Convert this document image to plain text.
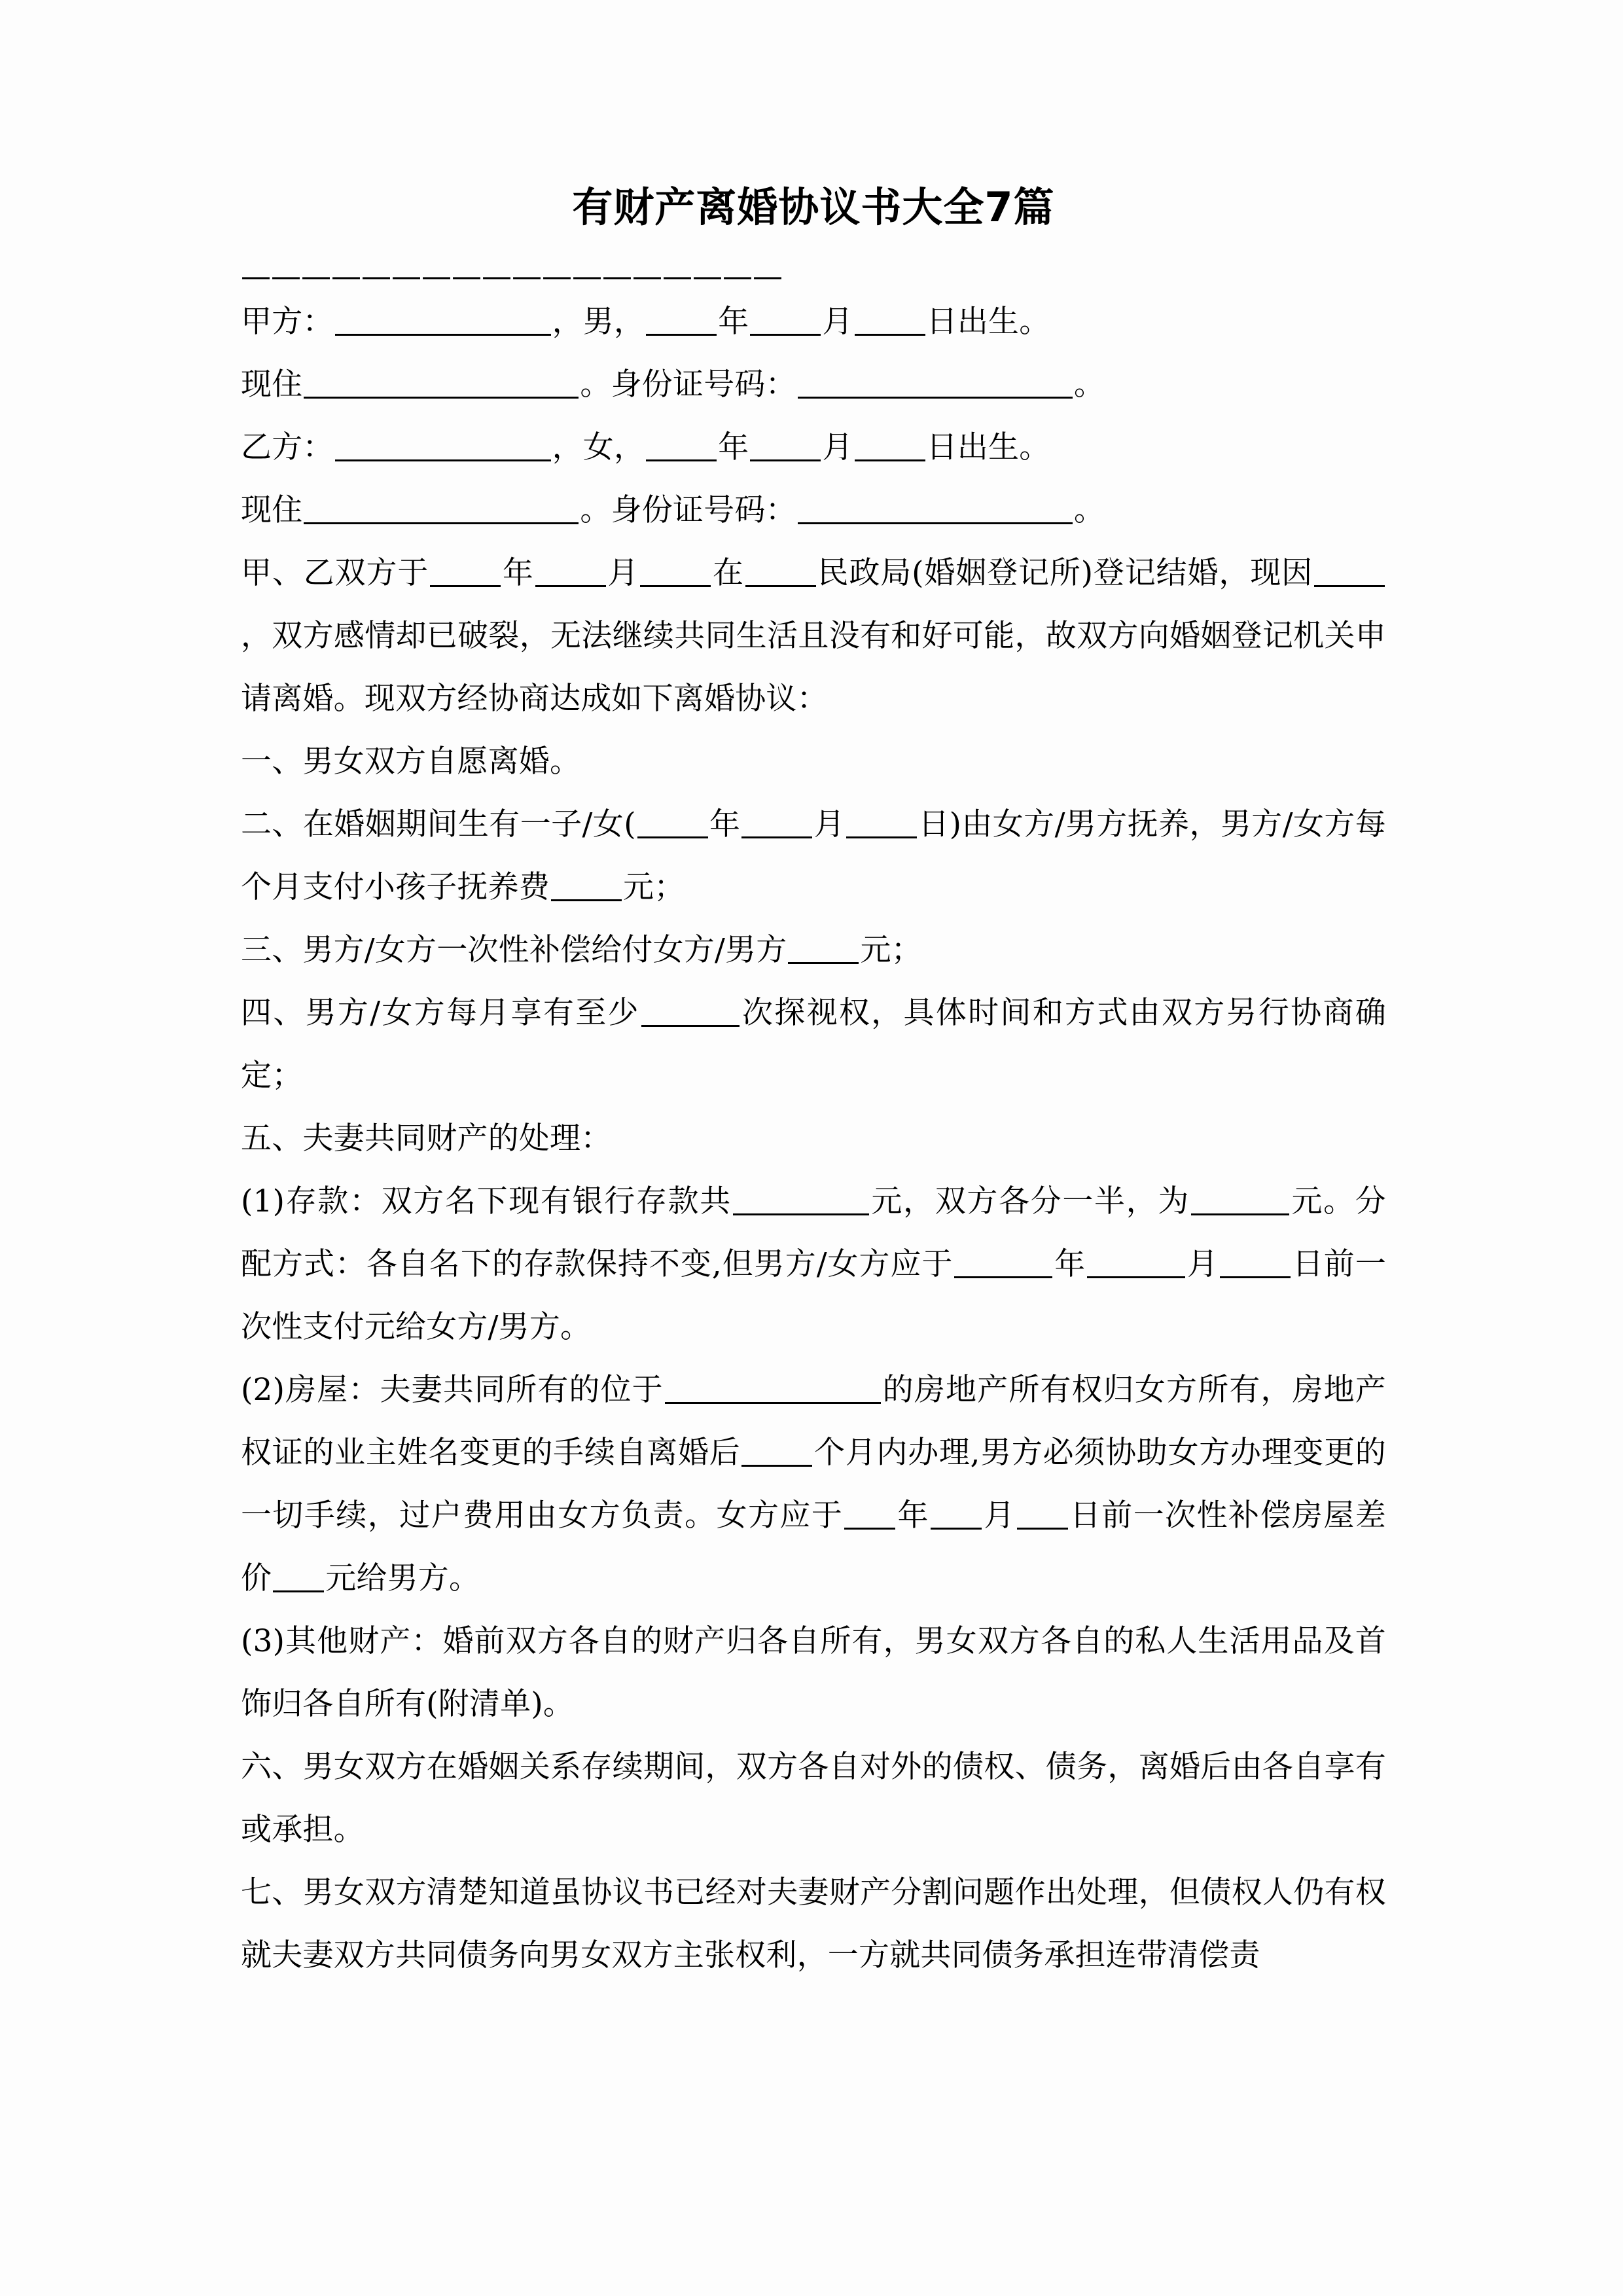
有财产离婚协议书大全7篇
——————————————————

甲方：	，男， 年 月 日出生。

现住	。身份证号码：	。

乙方：	，女， 年 月 日出生。

现住	。身份证号码：	。

甲、乙双方于 年 月 在 民政局(婚姻登记所)登记结婚，现因，双方感情却已破裂，无法继续共同生活且没有和好可能，故双方向婚姻登记机关申请离婚。现双方经协商达成如下离婚协议：

一、男女双方自愿离婚。

二、在婚姻期间生有一子/女( 年 月 日)由女方/男方抚养，男方/女方每个月支付小孩子抚养费 元；

三、男方/女方一次性补偿给付女方/男方 元；

四、男方/女方每月享有至少	次探视权，具体时间和方式由双方另行协商确定；

五、夫妻共同财产的处理：

(1)存款：双方名下现有银行存款共	元，双方各分一半，为	元。分配方式：各自名下的存款保持不变,但男方/女方应于	年	月 日前一次性支付元给女方/男方。

(2)房屋：夫妻共同所有的位于	的房地产所有权归女方所有，房地产权证的业主姓名变更的手续自离婚后 个月内办理,男方必须协助女方办理变更的一切手续，过户费用由女方负责。女方应于 年 月 日前一次性补偿房屋差价 元给男方。

(3)其他财产：婚前双方各自的财产归各自所有，男女双方各自的私人生活用品及首饰归各自所有(附清单)。

六、男女双方在婚姻关系存续期间，双方各自对外的债权、债务，离婚后由各自享有或承担。

七、男女双方清楚知道虽协议书已经对夫妻财产分割问题作出处理，但债权人仍有权就夫妻双方共同债务向男女双方主张权利，一方就共同债务承担连带清偿责
